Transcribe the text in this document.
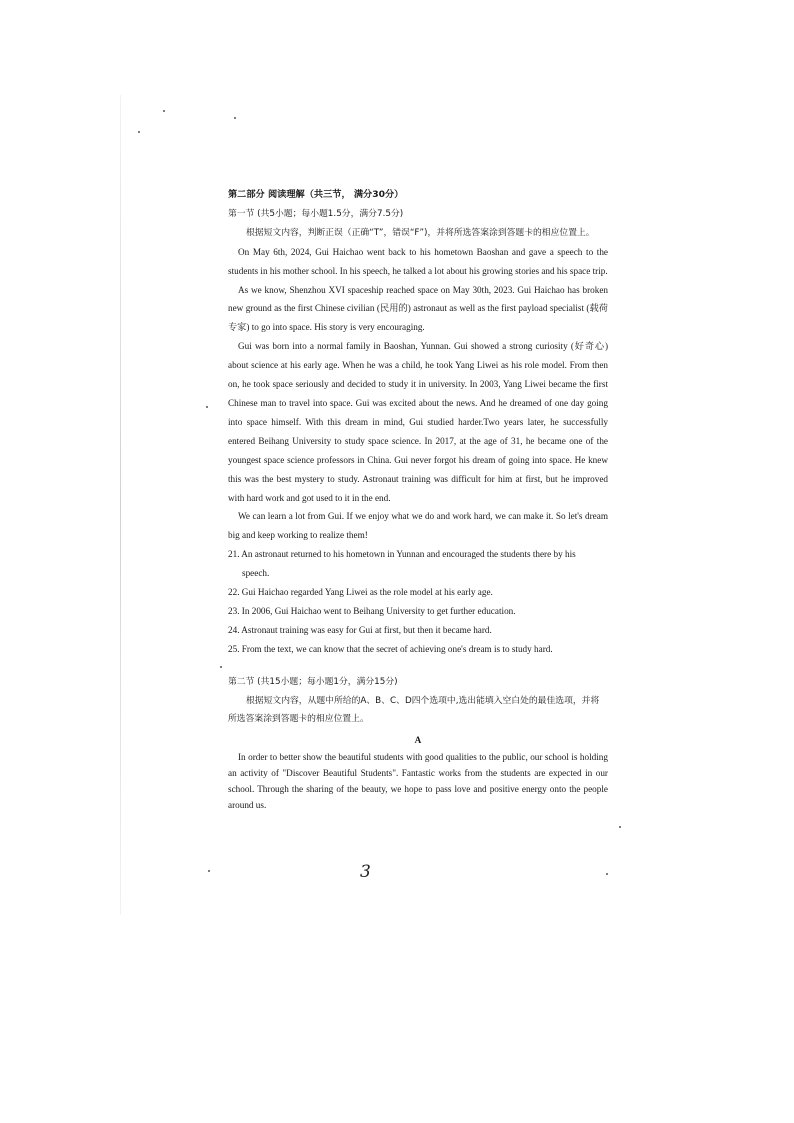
第二部分 阅读理解（共三节， 满分30分）
第一节 (共5小题；每小题1.5分，满分7.5分)
根据短文内容，判断正误（正确“T”，错误“F”)，并将所选答案涂到答题卡的相应位置上。

On May 6th, 2024, Gui Haichao went back to his hometown Baoshan and gave a speech to the students in his mother school. In his speech, he talked a lot about his growing stories and his space trip.

As we know, Shenzhou XVI spaceship reached space on May 30th, 2023. Gui Haichao has broken new ground as the first Chinese civilian (民用的) astronaut as well as the first payload specialist (载荷专家) to go into space. His story is very encouraging.

Gui was born into a normal family in Baoshan, Yunnan. Gui showed a strong curiosity (好奇心) about science at his early age. When he was a child, he took Yang Liwei as his role model. From then on, he took space seriously and decided to study it in university. In 2003, Yang Liwei became the first Chinese man to travel into space. Gui was excited about the news. And he dreamed of one day going into space himself. With this dream in mind, Gui studied harder.Two years later, he successfully entered Beihang University to study space science. In 2017, at the age of 31, he became one of the youngest space science professors in China. Gui never forgot his dream of going into space. He knew this was the best mystery to study. Astronaut training was difficult for him at first, but he improved with hard work and got used to it in the end.

We can learn a lot from Gui. If we enjoy what we do and work hard, we can make it. So let's dream big and keep working to realize them!

21. An astronaut returned to his hometown in Yunnan and encouraged the students there by his
speech.
22. Gui Haichao regarded Yang Liwei as the role model at his early age.
23. In 2006, Gui Haichao went to Beihang University to get further education.
24. Astronaut training was easy for Gui at first, but then it became hard.
25. From the text, we can know that the secret of achieving one's dream is to study hard.
第二节 (共15小题；每小题1分，满分15分)
根据短文内容，从题中所给的A、B、C、D四个选项中,选出能填入空白处的最佳选项，并将所选答案涂到答题卡的相应位置上。
A

In order to better show the beautiful students with good qualities to the public, our school is holding an activity of "Discover Beautiful Students". Fantastic works from the students are expected in our school. Through the sharing of the beauty, we hope to pass love and positive energy onto the people around us.

3
